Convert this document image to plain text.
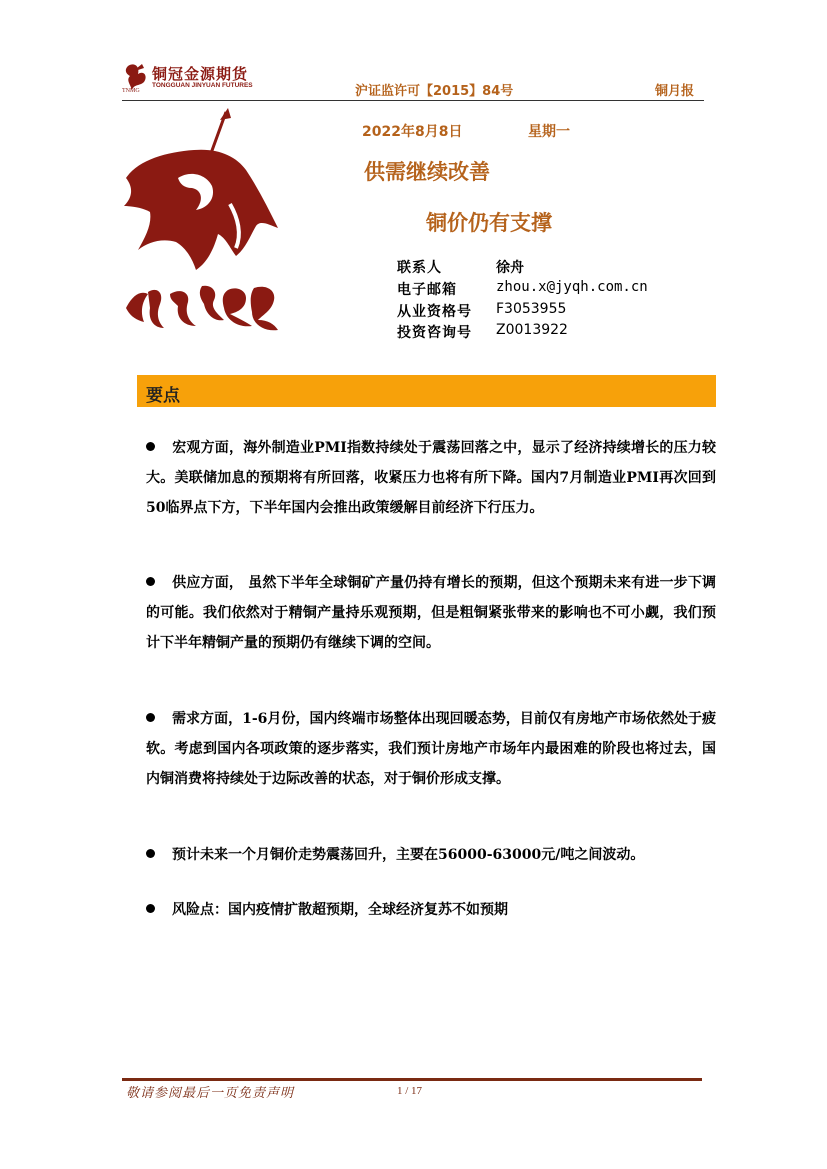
铜冠金源期货
TONGGUAN JINYUAN FUTURES
TNMG	沪证监许可【2015】84号	铜月报
2022年8月8日	星期一
供需继续改善
铜价仍有支撑
联系人	徐舟
电子邮箱	zhou.x@jyqh.com.cn
从业资格号 F3053955
投资咨询号 Z0013922
要点
宏观方面，海外制造业PMI指数持续处于震荡回落之中，显示了经济持续增长的压力较大。美联储加息的预期将有所回落，收紧压力也将有所下降。国内7月制造业PMI再次回到50临界点下方，下半年国内会推出政策缓解目前经济下行压力。
供应方面， 虽然下半年全球铜矿产量仍持有增长的预期，但这个预期未来有进一步下调的可能。我们依然对于精铜产量持乐观预期，但是粗铜紧张带来的影响也不可小觑，我们预计下半年精铜产量的预期仍有继续下调的空间。
需求方面，1-6月份，国内终端市场整体出现回暖态势，目前仅有房地产市场依然处于疲软。考虑到国内各项政策的逐步落实，我们预计房地产市场年内最困难的阶段也将过去，国内铜消费将持续处于边际改善的状态，对于铜价形成支撑。
预计未来一个月铜价走势震荡回升，主要在56000-63000元/吨之间波动。
风险点：国内疫情扩散超预期，全球经济复苏不如预期
敬请参阅最后一页免责声明	1 / 17
